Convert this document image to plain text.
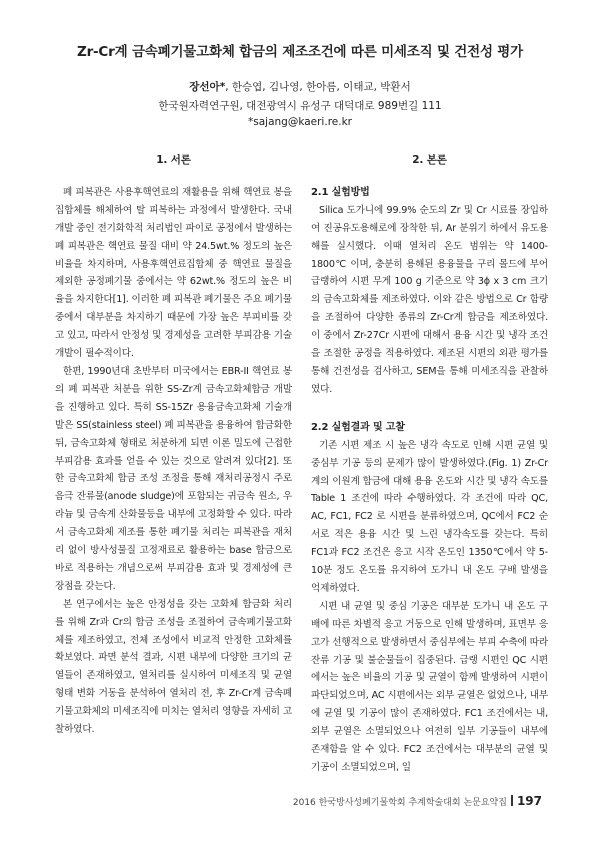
Zr-Cr계 금속폐기물고화체 합금의 제조조건에 따른 미세조직 및 건전성 평가
장선아*, 한승엽, 김나영, 한아름, 이태교, 박환서
한국원자력연구원, 대전광역시 유성구 대덕대로 989번길 111
*sajang@kaeri.re.kr
1. 서론

폐 피복관은 사용후핵연료의 재활용을 위해 핵연료 봉을 집합체를 해체하여 탈 피복하는 과정에서 발생한다. 국내 개발 중인 전기화학적 처리법인 파이로 공정에서 발생하는 폐 피복관은 핵연료 물질 대비 약 24.5wt.% 정도의 높은 비율을 차지하며, 사용후핵연료집합체 중 핵연료 물질을 제외한 공정폐기물 중에서는 약 62wt.% 정도의 높은 비율을 차지한다[1]. 이러한 폐 피복관 폐기물은 주요 폐기물 중에서 대부분을 차지하기 때문에 가장 높은 부피비를 갖고 있고, 따라서 안정성 및 경제성을 고려한 부피감용 기술 개발이 필수적이다.

한편, 1990년대 초반부터 미국에서는 EBR-II 핵연료 봉의 폐 피복관 처분을 위한 SS-Zr계 금속고화체합금 개발을 진행하고 있다. 특히 SS-15Zr 용융금속고화체 기술개발은 SS(stainless steel) 폐 피복관을 용융하여 합금화한 뒤, 금속고화체 형태로 처분하게 되면 이론 밀도에 근접한 부피감용 효과를 얻을 수 있는 것으로 알려져 있다[2]. 또한 금속고화체 합금 조성 조정을 통해 재처리공정시 주로 음극 잔류물(anode sludge)에 포함되는 귀금속 원소, 우라늄 및 금속계 산화물등을 내부에 고정화할 수 있다. 따라서 금속고화체 제조를 통한 폐기물 처리는 피복관을 재처리 없이 방사성물질 고정재료로 활용하는 base 합금으로 바로 적용하는 개념으로써 부피감용 효과 및 경제성에 큰 장점을 갖는다.

본 연구에서는 높은 안정성을 갖는 고화체 합금화 처리를 위해 Zr과 Cr의 합금 조성을 조절하여 금속폐기물고화체를 제조하였고, 전체 조성에서 비교적 안정한 고화체를 확보였다. 파면 분석 결과, 시편 내부에 다양한 크기의 균열들이 존재하였고, 열처리를 실시하여 미세조직 및 균열 형태 변화 거동을 분석하여 열처리 전, 후 Zr-Cr계 금속폐기물고화체의 미세조직에 미치는 열처리 영향을 자세히 고찰하였다.

2. 본론
2.1 실험방법

Silica 도가니에 99.9% 순도의 Zr 및 Cr 시료를 장입하여 진공유도용해로에 장착한 뒤, Ar 분위기 하에서 유도용해를 실시했다. 이때 열처리 온도 범위는 약 1400-1800℃ 이며, 충분히 용해된 용융물을 구리 몰드에 부어 급랭하여 시편 무게 100 g 기준으로 약 3ϕ x 3 cm 크기의 금속고화체를 제조하였다. 이와 같은 방법으로 Cr 함량을 조절하여 다양한 종류의 Zr-Cr계 합금을 제조하였다. 이 중에서 Zr-27Cr 시편에 대해서 용융 시간 및 냉각 조건을 조절한 공정을 적용하였다. 제조된 시편의 외관 평가를 통해 건전성을 검사하고, SEM을 통해 미세조직을 관찰하였다.

2.2 실험결과 및 고찰

기존 시편 제조 시 높은 냉각 속도로 인해 시편 균열 및 중심부 기공 등의 문제가 많이 발생하였다.(Fig. 1) Zr-Cr계의 이원계 합금에 대해 용융 온도와 시간 및 냉각 속도를 Table 1 조건에 따라 수행하였다. 각 조건에 따라 QC, AC, FC1, FC2 로 시편을 분류하였으며, QC에서 FC2 순서로 적은 용융 시간 및 느린 냉각속도를 갖는다. 특히 FC1과 FC2 조건은 응고 시작 온도인 1350℃에서 약 5-10분 정도 온도를 유지하여 도가니 내 온도 구배 발생을 억제하였다.

시편 내 균열 및 중심 기공은 대부분 도가니 내 온도 구배에 따른 차별적 응고 거동으로 인해 발생하며, 표면부 응고가 선행적으로 발생하면서 중심부에는 부피 수축에 따라 잔류 기공 및 불순물들이 집중된다. 급랭 시편인 QC 시편에서는 높은 비율의 기공 및 균열이 함께 발생하여 시편이 파단되었으며, AC 시편에서는 외부 균열은 없었으나, 내부에 균열 및 기공이 많이 존재하였다. FC1 조건에서는 내, 외부 균열은 소멸되었으나 여전히 일부 기공들이 내부에 존재함을 알 수 있다. FC2 조건에서는 대부분의 균열 및 기공이 소멸되었으며, 일

2016 한국방사성폐기물학회 추계학술대회 논문요약집 197
